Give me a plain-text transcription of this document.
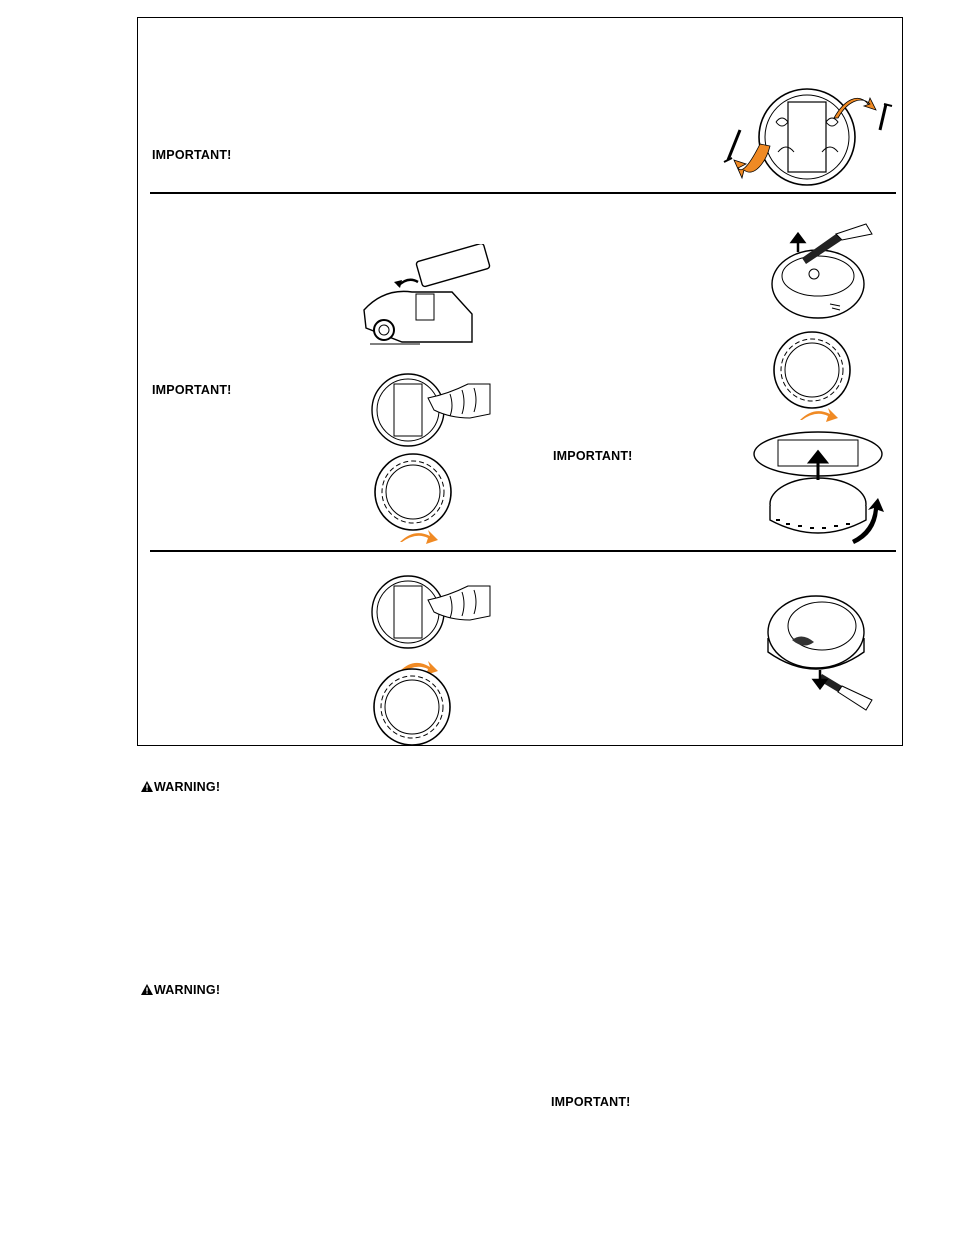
IMPORTANT!
IMPORTANT!
IMPORTANT!
WARNING!
WARNING!
IMPORTANT!
